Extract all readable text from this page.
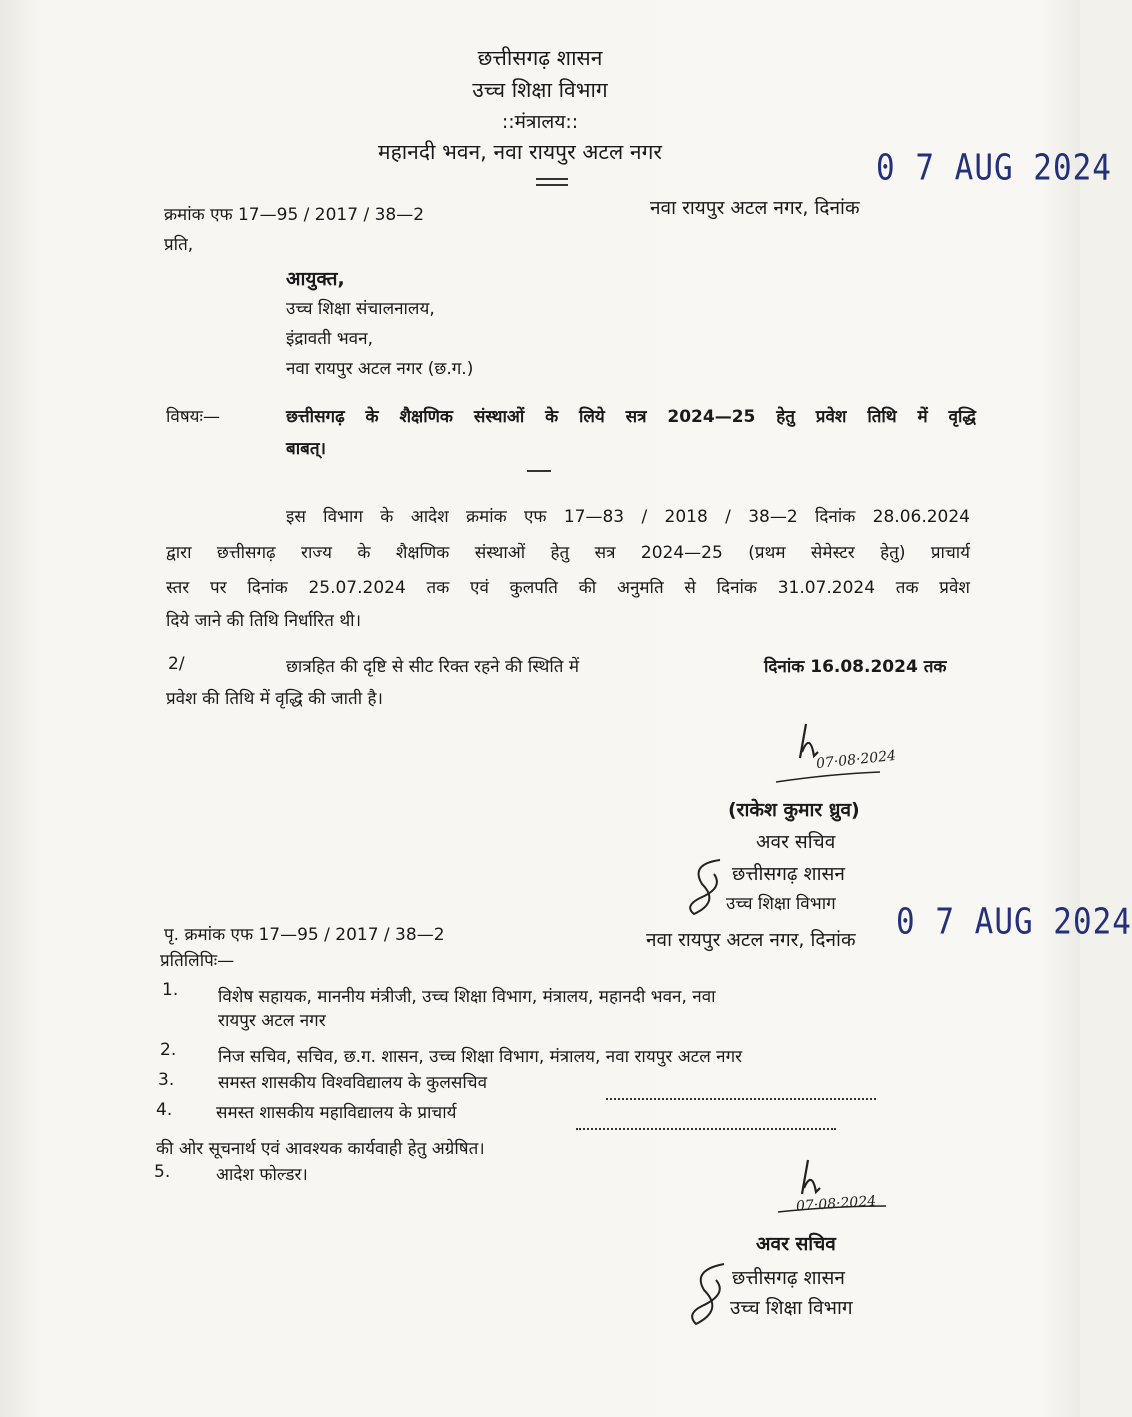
छत्तीसगढ़ शासन
उच्च शिक्षा विभाग
::मंत्रालय::
महानदी भवन, नवा रायपुर अटल नगर	0 7 AUG 2024
क्रमांक एफ 17—95 / 2017 / 38—2	नवा रायपुर अटल नगर, दिनांक
प्रति,
आयुक्त,
उच्च शिक्षा संचालनालय,
इंद्रावती भवन,
नवा रायपुर अटल नगर (छ.ग.)
विषयः—	छत्तीसगढ़ के शैक्षणिक संस्थाओं के लिये सत्र 2024—25 हेतु प्रवेश तिथि में वृद्धि
बाबत्।
इस विभाग के आदेश क्रमांक एफ 17—83 / 2018 / 38—2 दिनांक 28.06.2024
द्वारा छत्तीसगढ़ राज्य के शैक्षणिक संस्थाओं हेतु सत्र 2024—25 (प्रथम सेमेस्टर हेतु) प्राचार्य
स्तर पर दिनांक 25.07.2024 तक एवं कुलपति की अनुमति से दिनांक 31.07.2024 तक प्रवेश
दिये जाने की तिथि निर्धारित थी।
2/	छात्रहित की दृष्टि से सीट रिक्त रहने की स्थिति में	दिनांक 16.08.2024 तक
प्रवेश की तिथि में वृद्धि की जाती है।
07·08·2024
(राकेश कुमार ध्रुव)
अवर सचिव
छत्तीसगढ़ शासन
उच्च शिक्षा विभाग
पृ. क्रमांक एफ 17—95 / 2017 / 38—2	नवा रायपुर अटल नगर, दिनांक 0 7 AUG 2024
प्रतिलिपिः—
1. विशेष सहायक, माननीय मंत्रीजी, उच्च शिक्षा विभाग, मंत्रालय, महानदी भवन, नवा
रायपुर अटल नगर
2. निज सचिव, सचिव, छ.ग. शासन, उच्च शिक्षा विभाग, मंत्रालय, नवा रायपुर अटल नगर
3.	समस्त शासकीय विश्वविद्यालय के कुलसचिव
4.	समस्त शासकीय महाविद्यालय के प्राचार्य
की ओर सूचनार्थ एवं आवश्यक कार्यवाही हेतु अग्रेषित।
5.	आदेश फोल्डर।
07·08·2024
अवर सचिव
छत्तीसगढ़ शासन
उच्च शिक्षा विभाग
